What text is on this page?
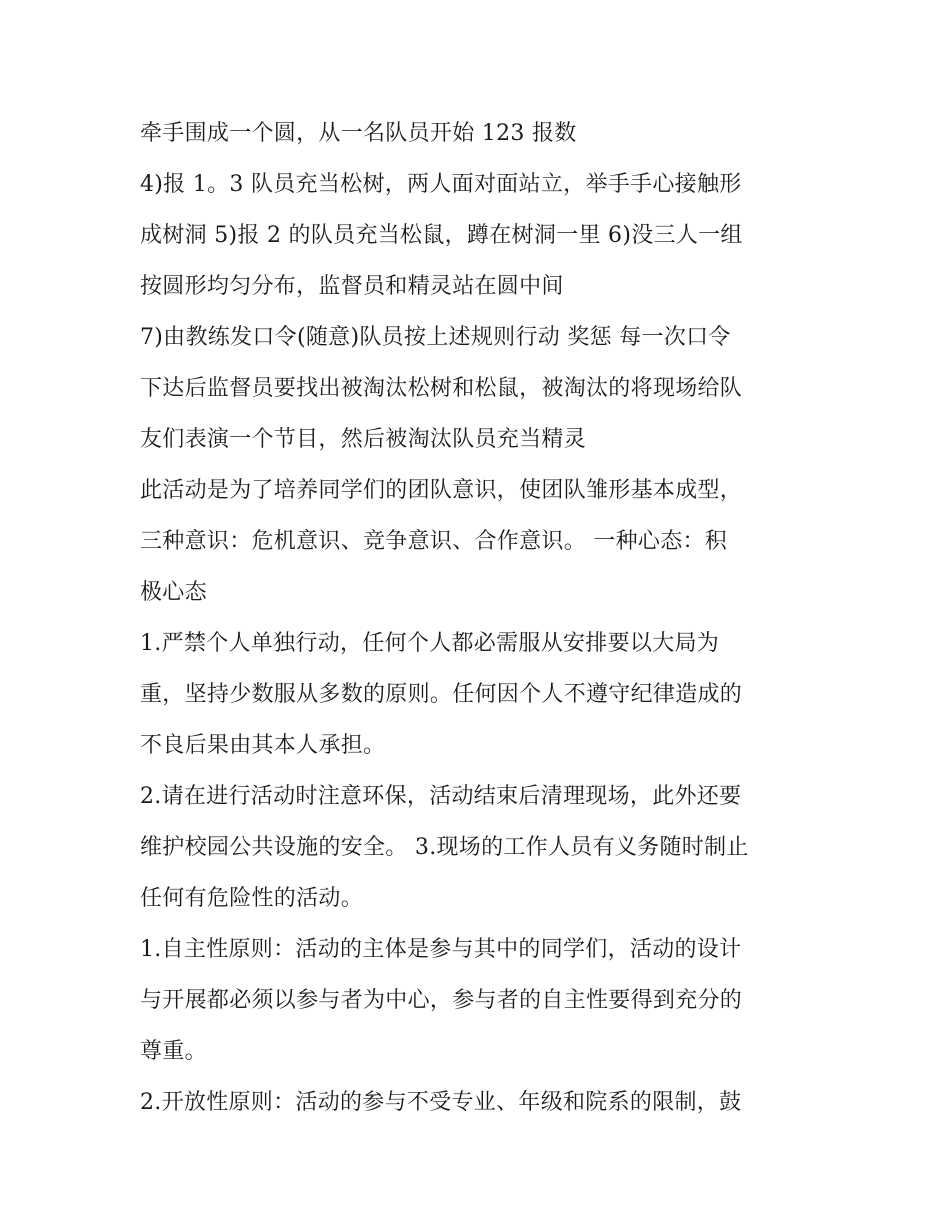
牵手围成一个圆，从一名队员开始 123 报数
4)报 1。3 队员充当松树，两人面对面站立，举手手心接触形
成树洞 5)报 2 的队员充当松鼠，蹲在树洞一里 6)没三人一组
按圆形均匀分布，监督员和精灵站在圆中间
7)由教练发口令(随意)队员按上述规则行动 奖惩 每一次口令
下达后监督员要找出被淘汰松树和松鼠，被淘汰的将现场给队
友们表演一个节目，然后被淘汰队员充当精灵
此活动是为了培养同学们的团队意识，使团队雏形基本成型，
三种意识：危机意识、竞争意识、合作意识。 一种心态：积
极心态
1.严禁个人单独行动，任何个人都必需服从安排要以大局为
重，坚持少数服从多数的原则。任何因个人不遵守纪律造成的
不良后果由其本人承担。
2.请在进行活动时注意环保，活动结束后清理现场，此外还要
维护校园公共设施的安全。 3.现场的工作人员有义务随时制止
任何有危险性的活动。
1.自主性原则：活动的主体是参与其中的同学们，活动的设计
与开展都必须以参与者为中心，参与者的自主性要得到充分的
尊重。
2.开放性原则：活动的参与不受专业、年级和院系的限制，鼓
